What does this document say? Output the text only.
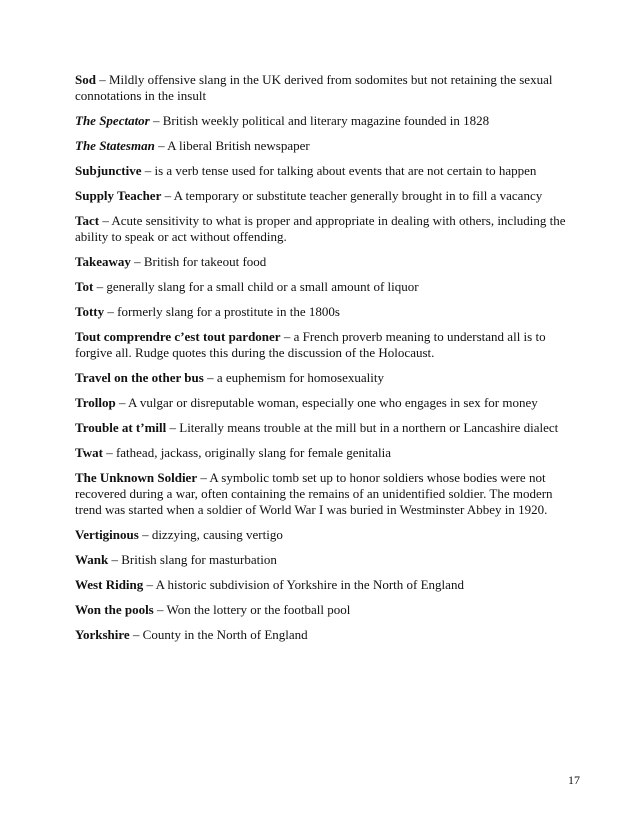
Sod – Mildly offensive slang in the UK derived from sodomites but not retaining the sexual connotations in the insult
The Spectator – British weekly political and literary magazine founded in 1828
The Statesman – A liberal British newspaper
Subjunctive – is a verb tense used for talking about events that are not certain to happen
Supply Teacher – A temporary or substitute teacher generally brought in to fill a vacancy
Tact – Acute sensitivity to what is proper and appropriate in dealing with others, including the ability to speak or act without offending.
Takeaway – British for takeout food
Tot – generally slang for a small child or a small amount of liquor
Totty – formerly slang for a prostitute in the 1800s
Tout comprendre c’est tout pardoner – a French proverb meaning to understand all is to forgive all. Rudge quotes this during the discussion of the Holocaust.
Travel on the other bus – a euphemism for homosexuality
Trollop – A vulgar or disreputable woman, especially one who engages in sex for money
Trouble at t’mill – Literally means trouble at the mill but in a northern or Lancashire dialect
Twat – fathead, jackass, originally slang for female genitalia
The Unknown Soldier – A symbolic tomb set up to honor soldiers whose bodies were not recovered during a war, often containing the remains of an unidentified soldier. The modern trend was started when a soldier of World War I was buried in Westminster Abbey in 1920.
Vertiginous – dizzying, causing vertigo
Wank – British slang for masturbation
West Riding – A historic subdivision of Yorkshire in the North of England
Won the pools – Won the lottery or the football pool
Yorkshire – County in the North of England
17
